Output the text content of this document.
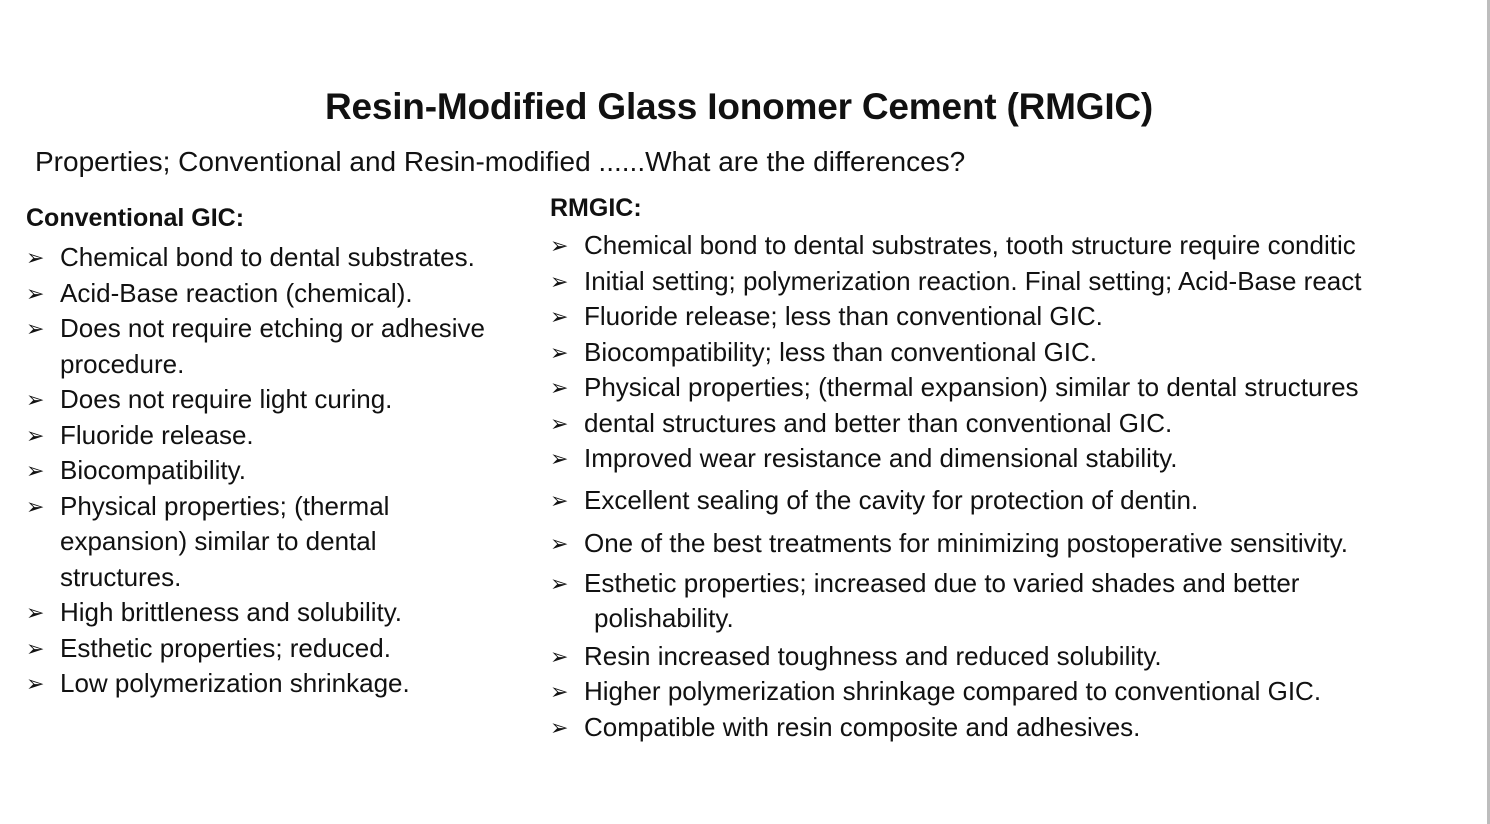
Resin-Modified Glass Ionomer Cement (RMGIC)
Properties; Conventional and Resin-modified ......What are the differences?
Conventional GIC:
➢ Chemical bond to dental substrates.
➢ Acid-Base reaction (chemical).
➢ Does not require etching or adhesive procedure.
➢ Does not require light curing.
➢ Fluoride release.
➢ Biocompatibility.
➢ Physical properties; (thermal expansion) similar to dental structures.
➢ High brittleness and solubility.
➢ Esthetic properties; reduced.
➢ Low polymerization shrinkage.
RMGIC:
➢ Chemical bond to dental substrates, tooth structure require conditic
➢ Initial setting; polymerization reaction. Final setting; Acid-Base react
➢ Fluoride release; less than conventional GIC.
➢ Biocompatibility; less than conventional GIC.
➢ Physical properties; (thermal expansion) similar to dental structures
➢ dental structures and better than conventional GIC.
➢ Improved wear resistance and dimensional stability.
➢ Excellent sealing of the cavity for protection of dentin.
➢ One of the best treatments for minimizing postoperative sensitivity.
➢ Esthetic properties; increased due to varied shades and better
polishability.
➢ Resin increased toughness and reduced solubility.
➢ Higher polymerization shrinkage compared to conventional GIC.
➢ Compatible with resin composite and adhesives.
